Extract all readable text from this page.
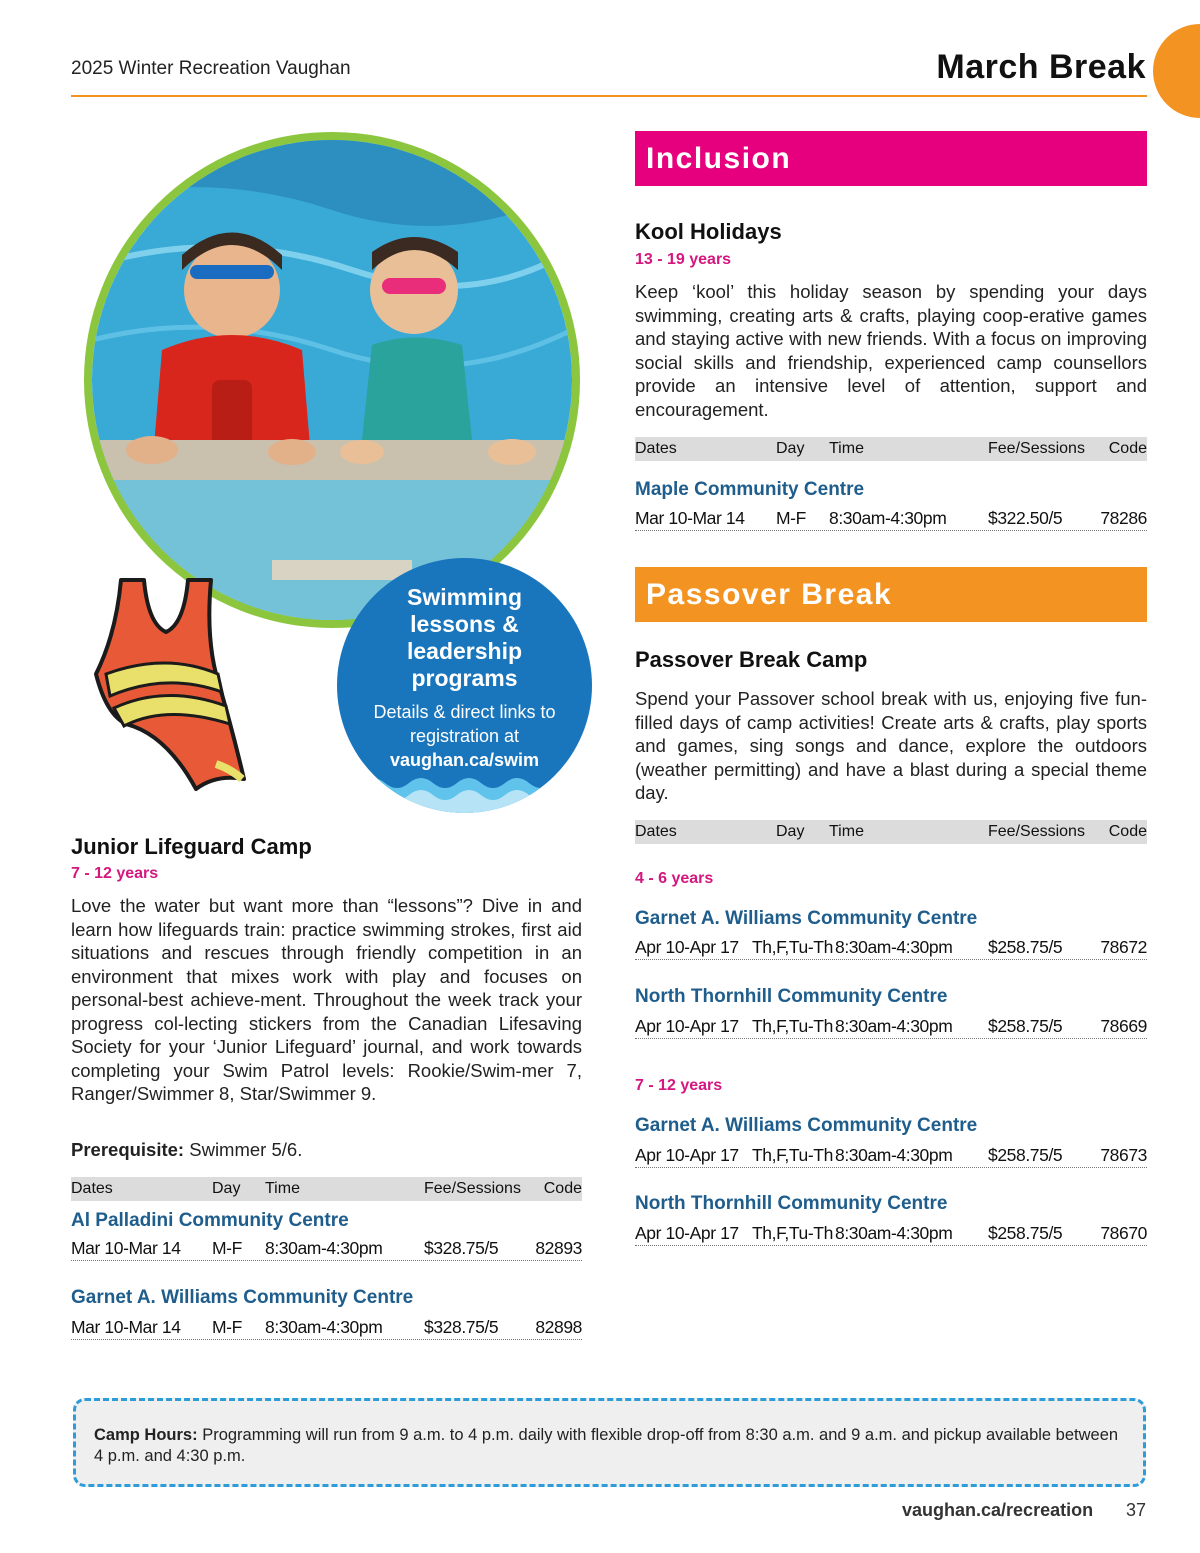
2025 Winter Recreation Vaughan	March Break
Swimming lessons & leadership programs
Details & direct links to registration at
vaughan.ca/swim
Junior Lifeguard Camp
7 - 12 years
Love the water but want more than “lessons”? Dive in and learn how lifeguards train: practice swimming strokes, first aid situations and rescues through friendly competition in an environment that mixes work with play and focuses on personal-best achieve-ment. Throughout the week track your progress col-lecting stickers from the Canadian Lifesaving Society for your ‘Junior Lifeguard’ journal, and work towards completing your Swim Patrol levels: Rookie/Swim-mer 7, Ranger/Swimmer 8, Star/Swimmer 9.
Prerequisite: Swimmer 5/6.
Dates	Day Time	Fee/Sessions Code
Al Palladini Community Centre
Mar 10-Mar 14 M-F 8:30am-4:30pm $328.75/5 82893
Garnet A. Williams Community Centre
Mar 10-Mar 14 M-F 8:30am-4:30pm $328.75/5 82898
Inclusion
Kool Holidays
13 - 19 years
Keep ‘kool’ this holiday season by spending your days swimming, creating arts & crafts, playing coop-erative games and staying active with new friends. With a focus on improving social skills and friendship, experienced camp counsellors provide an intensive level of attention, support and encouragement.
Dates	Day Time	Fee/Sessions Code
Maple Community Centre
Mar 10-Mar 14 M-F 8:30am-4:30pm $322.50/5 78286
Passover Break
Passover Break Camp
Spend your Passover school break with us, enjoying five fun-filled days of camp activities! Create arts & crafts, play sports and games, sing songs and dance, explore the outdoors (weather permitting) and have a blast during a special theme day.
Dates	Day Time	Fee/Sessions Code
4 - 6 years
Garnet A. Williams Community Centre
Apr 10-Apr 17 Th,F,Tu-Th 8:30am-4:30pm $258.75/5 78672
North Thornhill Community Centre
Apr 10-Apr 17 Th,F,Tu-Th 8:30am-4:30pm $258.75/5 78669
7 - 12 years
Garnet A. Williams Community Centre
Apr 10-Apr 17 Th,F,Tu-Th 8:30am-4:30pm $258.75/5 78673
North Thornhill Community Centre
Apr 10-Apr 17 Th,F,Tu-Th 8:30am-4:30pm $258.75/5 78670
Camp Hours: Programming will run from 9 a.m. to 4 p.m. daily with flexible drop-off from 8:30 a.m. and 9 a.m. and pickup available between 4 p.m. and 4:30 p.m.
vaughan.ca/recreation 37
